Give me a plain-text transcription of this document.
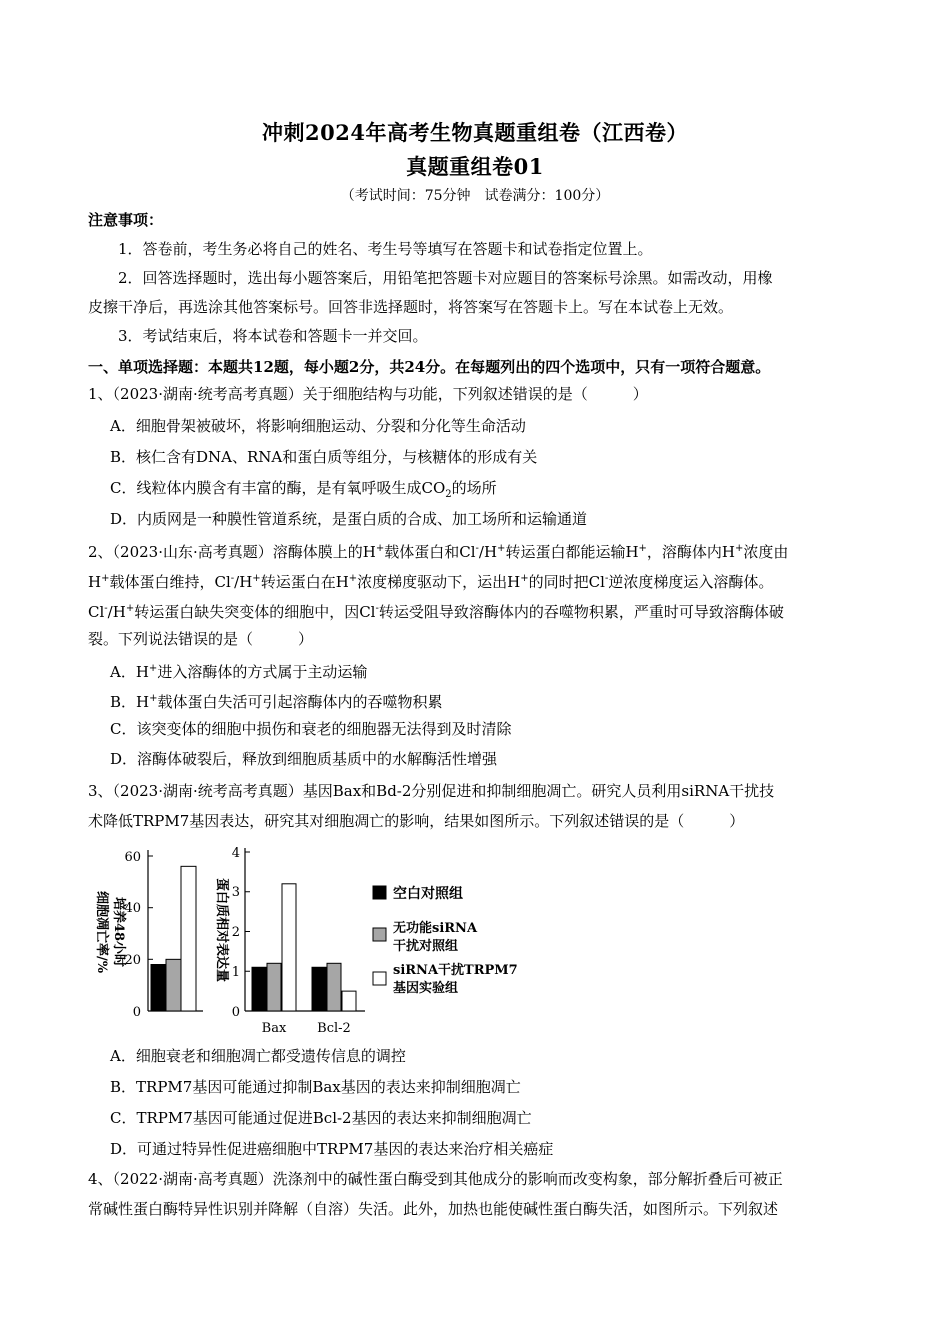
冲刺2024年高考生物真题重组卷（江西卷）
真题重组卷01
（考试时间：75分钟　试卷满分：100分）
注意事项：
1．答卷前，考生务必将自己的姓名、考生号等填写在答题卡和试卷指定位置上。
2．回答选择题时，选出每小题答案后，用铅笔把答题卡对应题目的答案标号涂黑。如需改动，用橡
皮擦干净后，再选涂其他答案标号。回答非选择题时，将答案写在答题卡上。写在本试卷上无效。
3．考试结束后，将本试卷和答题卡一并交回。
一、单项选择题：本题共12题，每小题2分，共24分。在每题列出的四个选项中，只有一项符合题意。
1、（2023·湖南·统考高考真题）关于细胞结构与功能，下列叙述错误的是（　　　）
A．细胞骨架被破坏，将影响细胞运动、分裂和分化等生命活动
B．核仁含有DNA、RNA和蛋白质等组分，与核糖体的形成有关
C．线粒体内膜含有丰富的酶，是有氧呼吸生成$CO_2$的场所
D．内质网是一种膜性管道系统，是蛋白质的合成、加工场所和运输通道
2、（2023·山东·高考真题）溶酶体膜上的H+载体蛋白和Cl-/H+转运蛋白都能运输H+，溶酶体内H+浓度由
H+载体蛋白维持，Cl-/H+转运蛋白在H+浓度梯度驱动下，运出H+的同时把Cl-逆浓度梯度运入溶酶体。
Cl-/H+转运蛋白缺失突变体的细胞中，因Cl-转运受阻导致溶酶体内的吞噬物积累，严重时可导致溶酶体破
裂。下列说法错误的是（　　　）
A．H+进入溶酶体的方式属于主动运输
B．H+载体蛋白失活可引起溶酶体内的吞噬物积累
C．该突变体的细胞中损伤和衰老的细胞器无法得到及时清除
D．溶酶体破裂后，释放到细胞质基质中的水解酶活性增强
3、（2023·湖南·统考高考真题）基因Bax和Bd-2分别促进和抑制细胞凋亡。研究人员利用siRNA干扰技
术降低TRPM7基因表达，研究其对细胞凋亡的影响，结果如图所示。下列叙述错误的是（　　　）
0
20
40
60
培养48小时
细胞凋亡率/%
0
1
2
3
4
蛋白质相对表达量
Bax Bcl-2
空白对照组
无功能siRNA
干扰对照组
siRNA干扰TRPM7
基因实验组
A．细胞衰老和细胞凋亡都受遗传信息的调控
B．TRPM7基因可能通过抑制Bax基因的表达来抑制细胞凋亡
C．TRPM7基因可能通过促进Bcl-2基因的表达来抑制细胞凋亡
D．可通过特异性促进癌细胞中TRPM7基因的表达来治疗相关癌症
4、（2022·湖南·高考真题）洗涤剂中的碱性蛋白酶受到其他成分的影响而改变构象，部分解折叠后可被正
常碱性蛋白酶特异性识别并降解（自溶）失活。此外，加热也能使碱性蛋白酶失活，如图所示。下列叙述
